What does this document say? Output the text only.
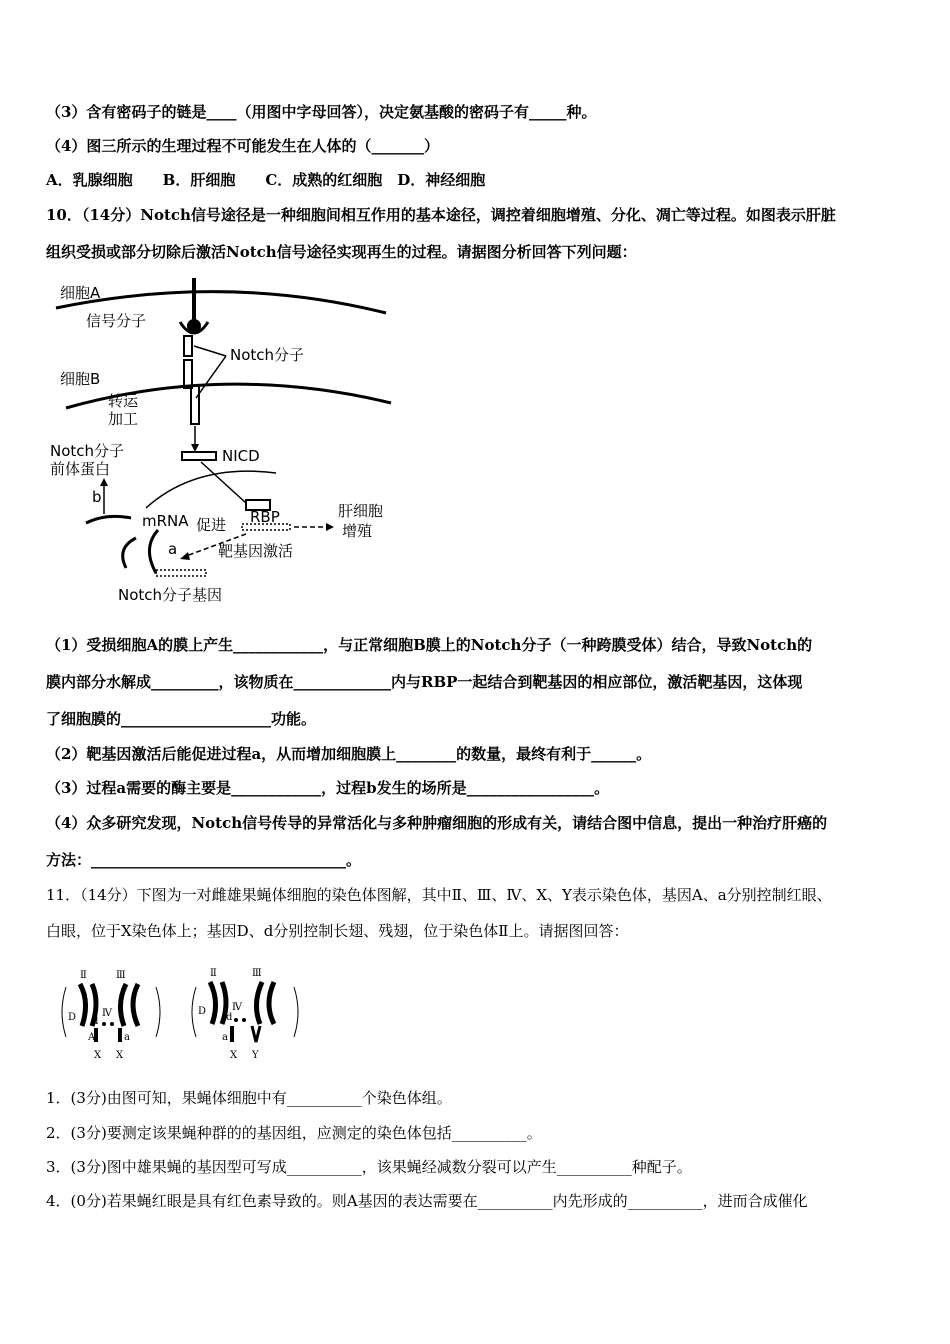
（3）含有密码子的链是____（用图中字母回答），决定氨基酸的密码子有_____种。
（4）图三所示的生理过程不可能发生在人体的（_______）
A．乳腺细胞　　B．肝细胞　　C．成熟的红细胞　D．神经细胞
10．（14分）Notch信号途径是一种细胞间相互作用的基本途径，调控着细胞增殖、分化、凋亡等过程。如图表示肝脏
组织受损或部分切除后激活Notch信号途径实现再生的过程。请据图分析回答下列问题：
细胞A
信号分子
Notch分子
细胞B
转运
加工
NICD
Notch分子
前体蛋白
b
mRNA 促进 RBP	肝细胞
增殖
a	靶基因激活
Notch分子基因
（1）受损细胞A的膜上产生____________，与正常细胞B膜上的Notch分子（一种跨膜受体）结合，导致Notch的
膜内部分水解成_________，该物质在_____________内与RBP一起结合到靶基因的相应部位，激活靶基因，这体现
了细胞膜的____________________功能。
（2）靶基因激活后能促进过程a，从而增加细胞膜上________的数量，最终有利于______。
（3）过程a需要的酶主要是____________，过程b发生的场所是_________________。
（4）众多研究发现，Notch信号传导的异常活化与多种肿瘤细胞的形成有关，请结合图中信息，提出一种治疗肝癌的
方法：__________________________________。
11．（14分）下图为一对雌雄果蝇体细胞的染色体图解，其中Ⅱ、Ⅲ、Ⅳ、X、Y表示染色体，基因A、a分别控制红眼、
白眼，位于X染色体上；基因D、d分别控制长翅、残翅，位于染色体Ⅱ上。请据图回答：
Ⅱ	Ⅲ
Ⅳ
D d
A	a
X X
Ⅱ	Ⅲ
Ⅳ
D
d
a
X Y
1．(3分)由图可知，果蝇体细胞中有__________个染色体组。
2．(3分)要测定该果蝇种群的的基因组，应测定的染色体包括__________。
3．(3分)图中雄果蝇的基因型可写成__________，该果蝇经减数分裂可以产生__________种配子。
4．(0分)若果蝇红眼是具有红色素导致的。则A基因的表达需要在__________内先形成的__________，进而合成催化
